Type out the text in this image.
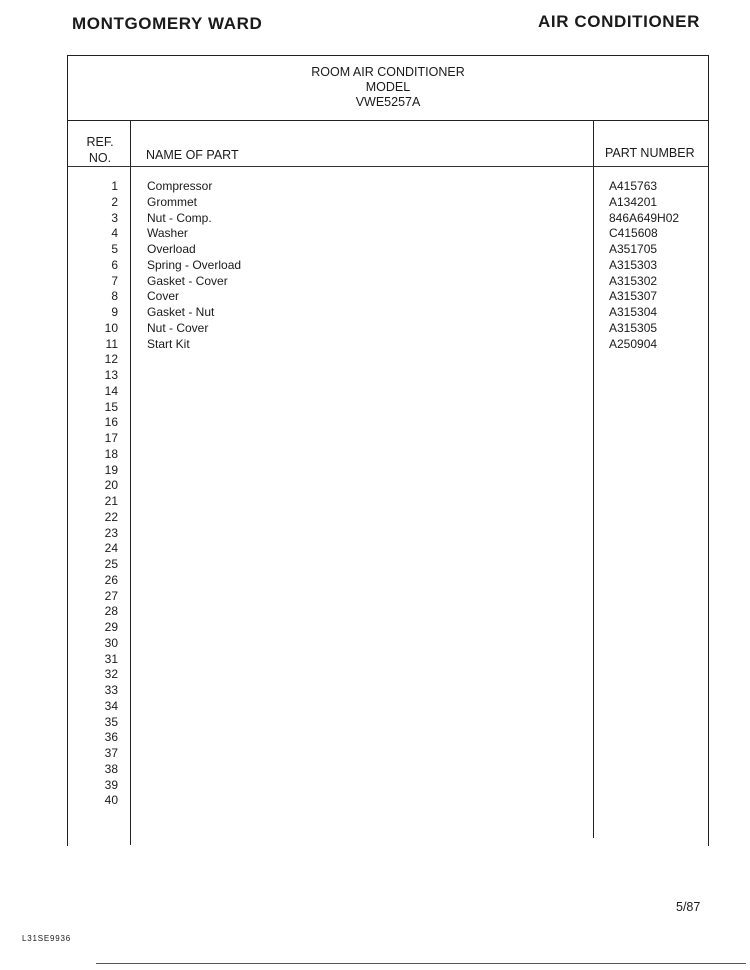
MONTGOMERY WARD	AIR CONDITIONER
ROOM AIR CONDITIONER
MODEL
VWE5257A
REF.
NO.	NAME OF PART	PART NUMBER
1 Compressor	A415763
2 Grommet	A134201
3 Nut - Comp.	846A649H02
4 Washer	C415608
5 Overload	A351705
6 Spring - Overload	A315303
7 Gasket - Cover	A315302
8 Cover	A315307
9 Gasket - Nut	A315304
10 Nut - Cover	A315305
11 Start Kit	A250904
12
13
14
15
16
17
18
19
20
21
22
23
24
25
26
27
28
29
30
31
32
33
34
35
36
37
38
39
40
5/87
L31SE9936
